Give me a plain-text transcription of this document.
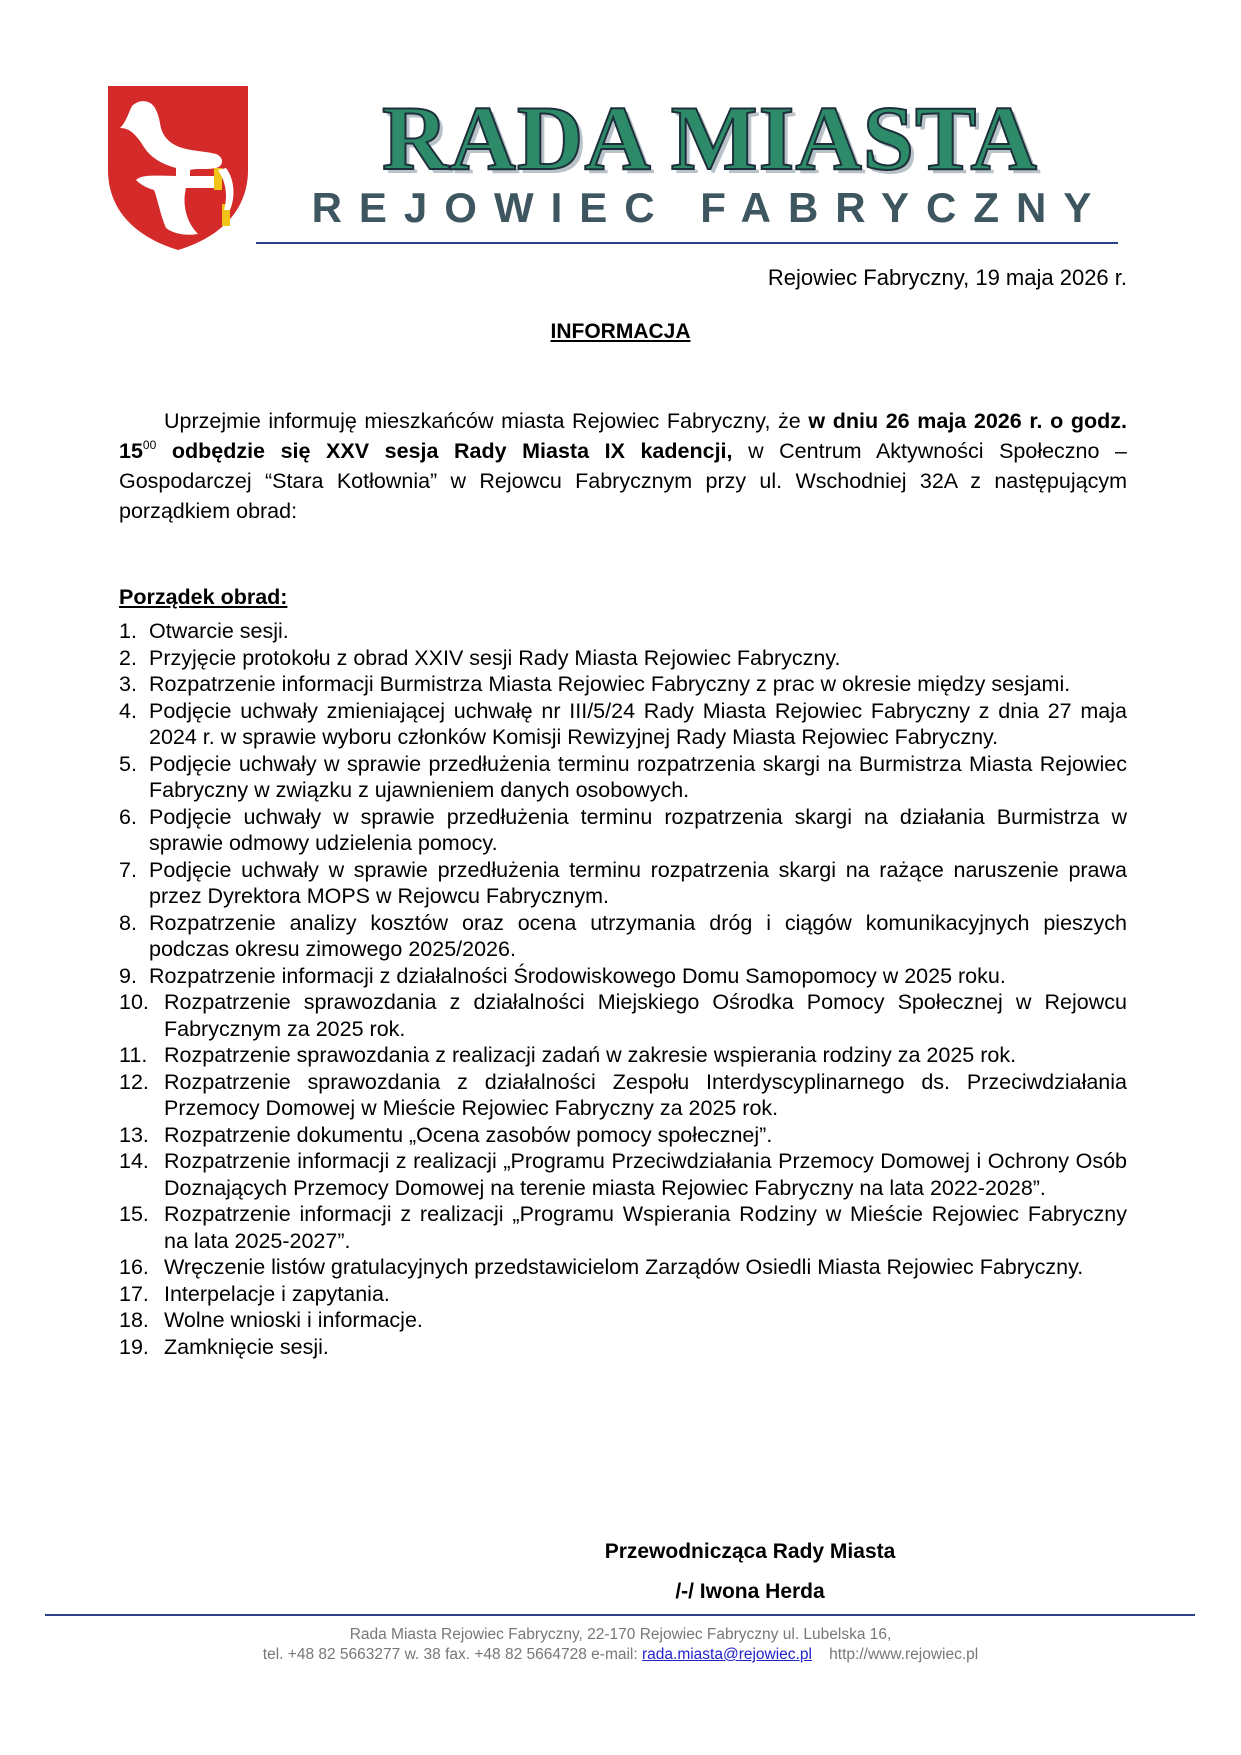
RADA MIASTA
REJOWIEC FABRYCZNY
Rejowiec Fabryczny, 19 maja 2026 r.
INFORMACJA
Uprzejmie informuję mieszkańców miasta Rejowiec Fabryczny, że w dniu 26 maja 2026 r. o godz. $15^{00}$ odbędzie się XXV sesja Rady Miasta IX kadencji, w Centrum Aktywności Społeczno – Gospodarczej “Stara Kotłownia” w Rejowcu Fabrycznym przy ul. Wschodniej 32A z następującym porządkiem obrad:
Porządek obrad:
1. Otwarcie sesji.
2. Przyjęcie protokołu z obrad XXIV sesji Rady Miasta Rejowiec Fabryczny.
3. Rozpatrzenie informacji Burmistrza Miasta Rejowiec Fabryczny z prac w okresie między sesjami.
4. Podjęcie uchwały zmieniającej uchwałę nr III/5/24 Rady Miasta Rejowiec Fabryczny z dnia 27 maja 2024 r. w sprawie wyboru członków Komisji Rewizyjnej Rady Miasta Rejowiec Fabryczny.
5. Podjęcie uchwały w sprawie przedłużenia terminu rozpatrzenia skargi na Burmistrza Miasta Rejowiec Fabryczny w związku z ujawnieniem danych osobowych.
6. Podjęcie uchwały w sprawie przedłużenia terminu rozpatrzenia skargi na działania Burmistrza w sprawie odmowy udzielenia pomocy.
7. Podjęcie uchwały w sprawie przedłużenia terminu rozpatrzenia skargi na rażące naruszenie prawa przez Dyrektora MOPS w Rejowcu Fabrycznym.
8. Rozpatrzenie analizy kosztów oraz ocena utrzymania dróg i ciągów komunikacyjnych pieszych podczas okresu zimowego 2025/2026.
9. Rozpatrzenie informacji z działalności Środowiskowego Domu Samopomocy w 2025 roku.
10. Rozpatrzenie sprawozdania z działalności Miejskiego Ośrodka Pomocy Społecznej w Rejowcu Fabrycznym za 2025 rok.
11. Rozpatrzenie sprawozdania z realizacji zadań w zakresie wspierania rodziny za 2025 rok.
12. Rozpatrzenie sprawozdania z działalności Zespołu Interdyscyplinarnego ds. Przeciwdziałania Przemocy Domowej w Mieście Rejowiec Fabryczny za 2025 rok.
13. Rozpatrzenie dokumentu „Ocena zasobów pomocy społecznej”.
14. Rozpatrzenie informacji z realizacji „Programu Przeciwdziałania Przemocy Domowej i Ochrony Osób Doznających Przemocy Domowej na terenie miasta Rejowiec Fabryczny na lata 2022-2028”.
15. Rozpatrzenie informacji z realizacji „Programu Wspierania Rodziny w Mieście Rejowiec Fabryczny na lata 2025-2027”.
16. Wręczenie listów gratulacyjnych przedstawicielom Zarządów Osiedli Miasta Rejowiec Fabryczny.
17. Interpelacje i zapytania.
18. Wolne wnioski i informacje.
19. Zamknięcie sesji.
Przewodnicząca Rady Miasta
/-/ Iwona Herda
Rada Miasta Rejowiec Fabryczny, 22-170 Rejowiec Fabryczny ul. Lubelska 16,
tel. +48 82 5663277 w. 38 fax. +48 82 5664728 e-mail: rada.miasta@rejowiec.pl http://www.rejowiec.pl
